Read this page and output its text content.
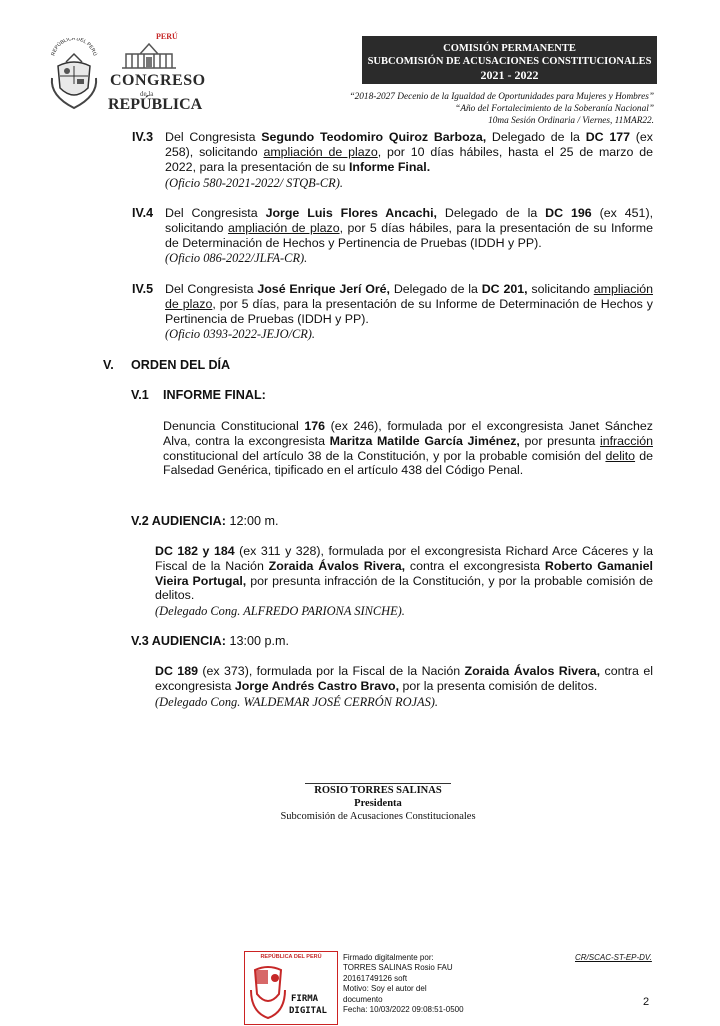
REPÚBLICA DEL PERÚ
PERÚ
CONGRESO
de la
REPÚBLICA
COMISIÓN PERMANENTE
SUBCOMISIÓN DE ACUSACIONES CONSTITUCIONALES
2021 - 2022
“2018-2027 Decenio de la Igualdad de Oportunidades para Mujeres y Hombres”
“Año del Fortalecimiento de la Soberanía Nacional”
10ma Sesión Ordinaria / Viernes, 11MAR22.
IV.3 Del Congresista Segundo Teodomiro Quiroz Barboza, Delegado de la DC 177 (ex 258), solicitando ampliación de plazo, por 10 días hábiles, hasta el 25 de marzo de 2022, para la presentación de su Informe Final.
(Oficio 580-2021-2022/ STQB-CR).
IV.4 Del Congresista Jorge Luis Flores Ancachi, Delegado de la DC 196 (ex 451), solicitando ampliación de plazo, por 5 días hábiles, para la presentación de su Informe de Determinación de Hechos y Pertinencia de Pruebas (IDDH y PP).
(Oficio 086-2022/JLFA-CR).
IV.5 Del Congresista José Enrique Jerí Oré, Delegado de la DC 201, solicitando ampliación de plazo, por 5 días, para la presentación de su Informe de Determinación de Hechos y Pertinencia de Pruebas (IDDH y PP).
(Oficio 0393-2022-JEJO/CR).
V. ORDEN DEL DÍA
V.1 INFORME FINAL:
Denuncia Constitucional 176 (ex 246), formulada por el excongresista Janet Sánchez Alva, contra la excongresista Maritza Matilde García Jiménez, por presunta infracción constitucional del artículo 38 de la Constitución, y por la probable comisión del delito de Falsedad Genérica, tipificado en el artículo 438 del Código Penal.
V.2 AUDIENCIA: 12:00 m.
DC 182 y 184 (ex 311 y 328), formulada por el excongresista Richard Arce Cáceres y la Fiscal de la Nación Zoraida Ávalos Rivera, contra el excongresista Roberto Gamaniel Vieira Portugal, por presunta infracción de la Constitución, y por la probable comisión de delitos.
(Delegado Cong. ALFREDO PARIONA SINCHE).
V.3 AUDIENCIA: 13:00 p.m.
DC 189 (ex 373), formulada por la Fiscal de la Nación Zoraida Ávalos Rivera, contra el excongresista Jorge Andrés Castro Bravo, por la presenta comisión de delitos.
(Delegado Cong. WALDEMAR JOSÉ CERRÓN ROJAS).
ROSIO TORRES SALINAS
Presidenta
Subcomisión de Acusaciones Constitucionales
CR/SCAC-ST-EP-DV.
REPÚBLICA DEL PERÚ
FIRMA
DIGITAL
Firmado digitalmente por:
TORRES SALINAS Rosio FAU
20161749126 soft
Motivo: Soy el autor del
documento
Fecha: 10/03/2022 09:08:51-0500
2
